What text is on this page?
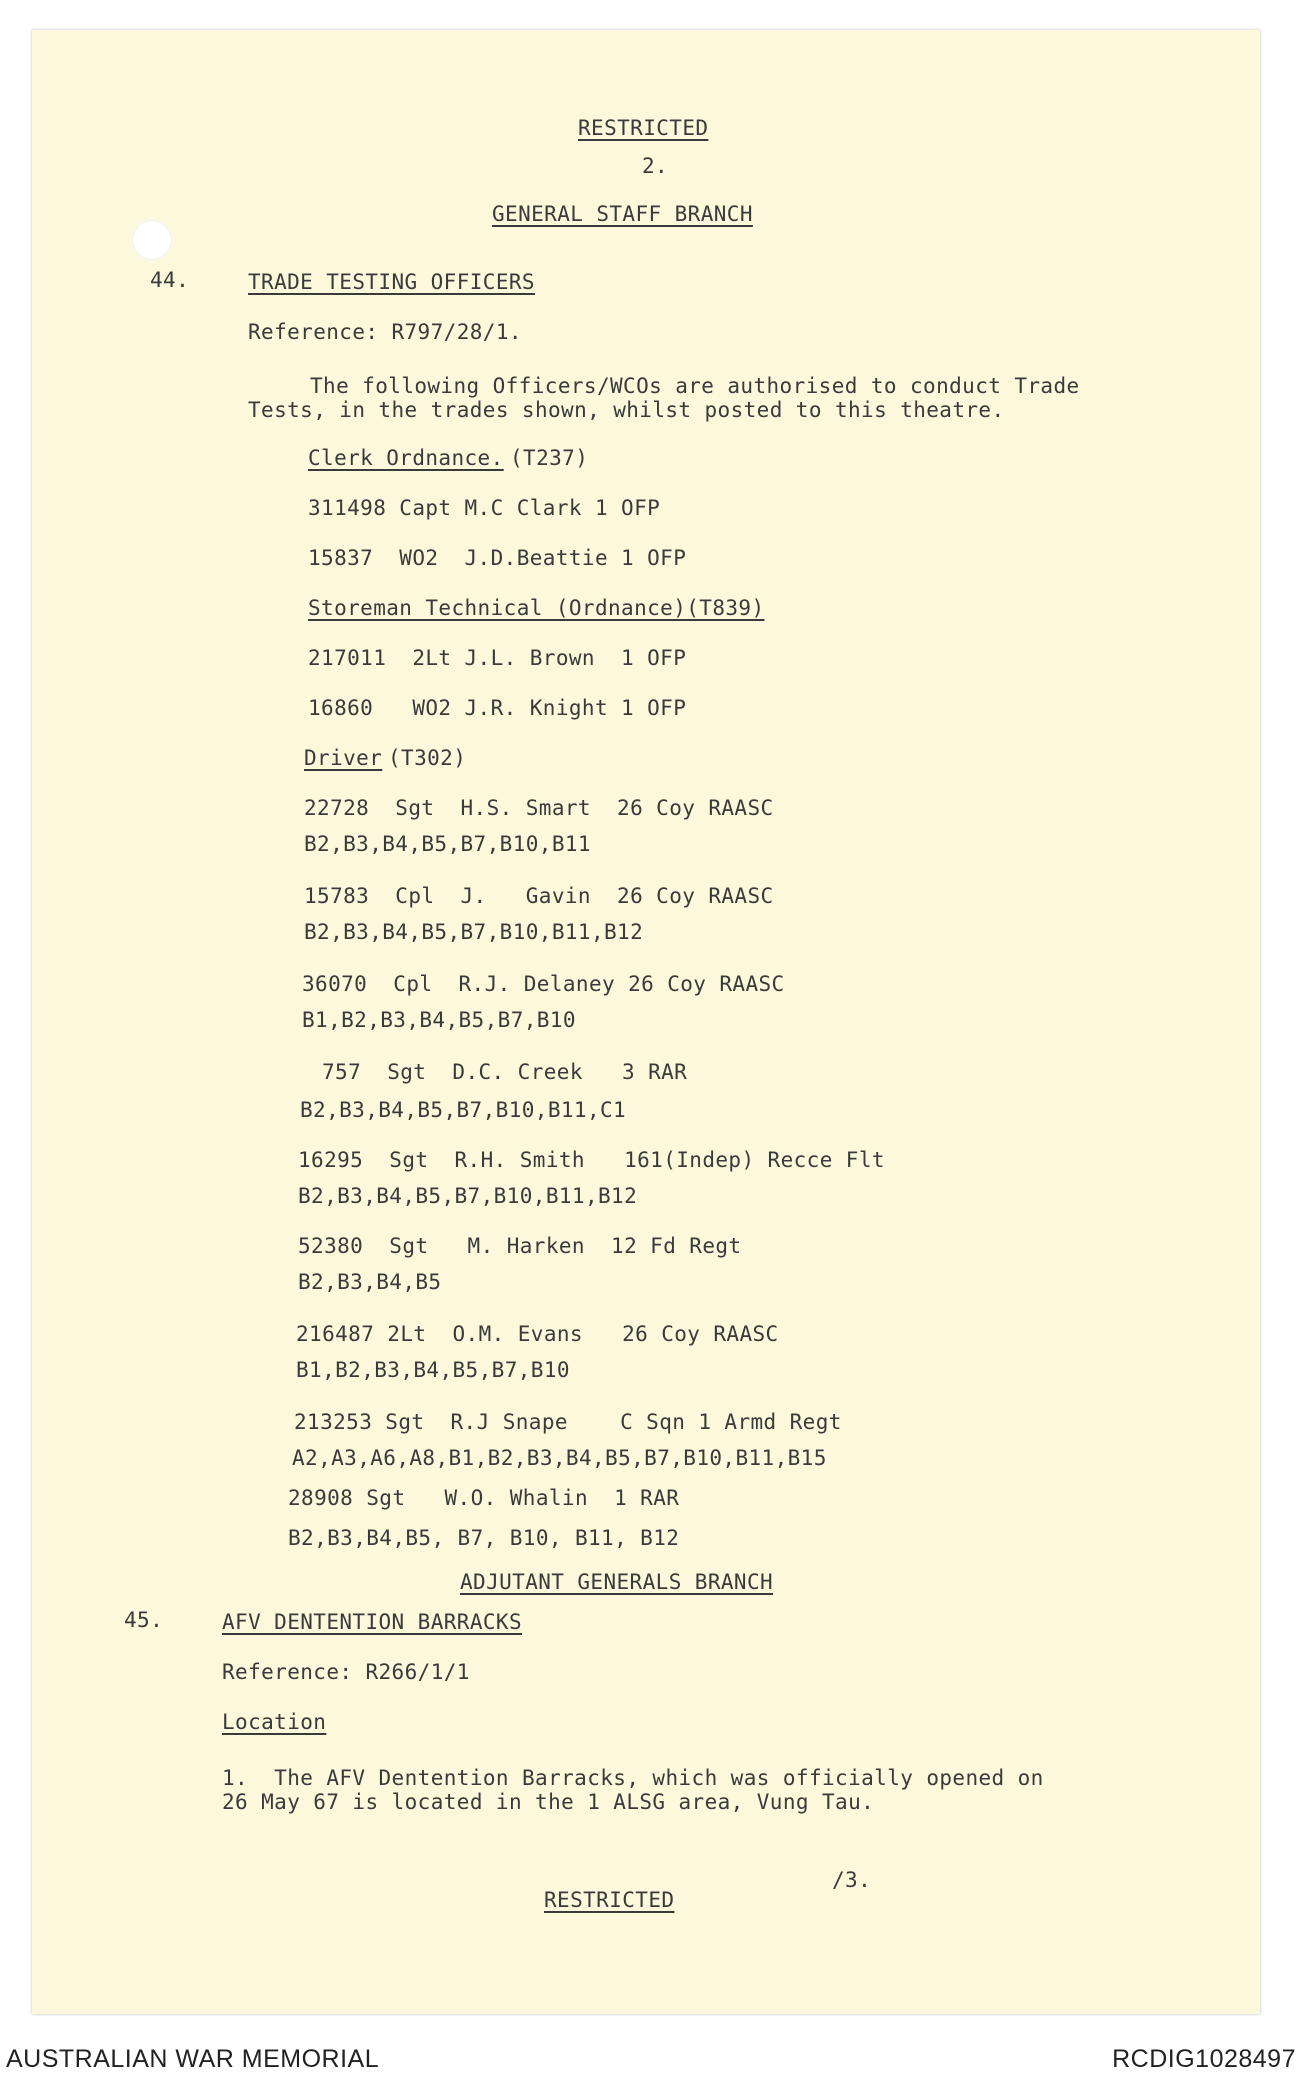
RESTRICTED
2.
GENERAL STAFF BRANCH
44.	TRADE TESTING OFFICERS
Reference: R797/28/1.
The following Officers/WCOs are authorised to conduct Trade
Tests, in the trades shown, whilst posted to this theatre.
Clerk Ordnance. (T237)
311498 Capt M.C Clark 1 OFP
15837  WO2  J.D.Beattie 1 OFP
Storeman Technical (Ordnance)(T839)
217011  2Lt J.L. Brown  1 OFP
16860   WO2 J.R. Knight 1 OFP
Driver (T302)
22728  Sgt  H.S. Smart  26 Coy RAASC
B2,B3,B4,B5,B7,B10,B11
15783  Cpl  J.   Gavin  26 Coy RAASC
B2,B3,B4,B5,B7,B10,B11,B12
36070  Cpl  R.J. Delaney 26 Coy RAASC
B1,B2,B3,B4,B5,B7,B10
757  Sgt  D.C. Creek   3 RAR
B2,B3,B4,B5,B7,B10,B11,C1
16295  Sgt  R.H. Smith   161(Indep) Recce Flt
B2,B3,B4,B5,B7,B10,B11,B12
52380  Sgt   M. Harken  12 Fd Regt
B2,B3,B4,B5
216487 2Lt  O.M. Evans   26 Coy RAASC
B1,B2,B3,B4,B5,B7,B10
213253 Sgt  R.J Snape    C Sqn 1 Armd Regt
A2,A3,A6,A8,B1,B2,B3,B4,B5,B7,B10,B11,B15
28908 Sgt   W.O. Whalin  1 RAR
B2,B3,B4,B5, B7, B10, B11, B12
ADJUTANT GENERALS BRANCH
45.	AFV DENTENTION BARRACKS
Reference: R266/1/1
Location
1.  The AFV Dentention Barracks, which was officially opened on
26 May 67 is located in the 1 ALSG area, Vung Tau.
RESTRICTED
/3.
AUSTRALIAN WAR MEMORIAL	RCDIG1028497
